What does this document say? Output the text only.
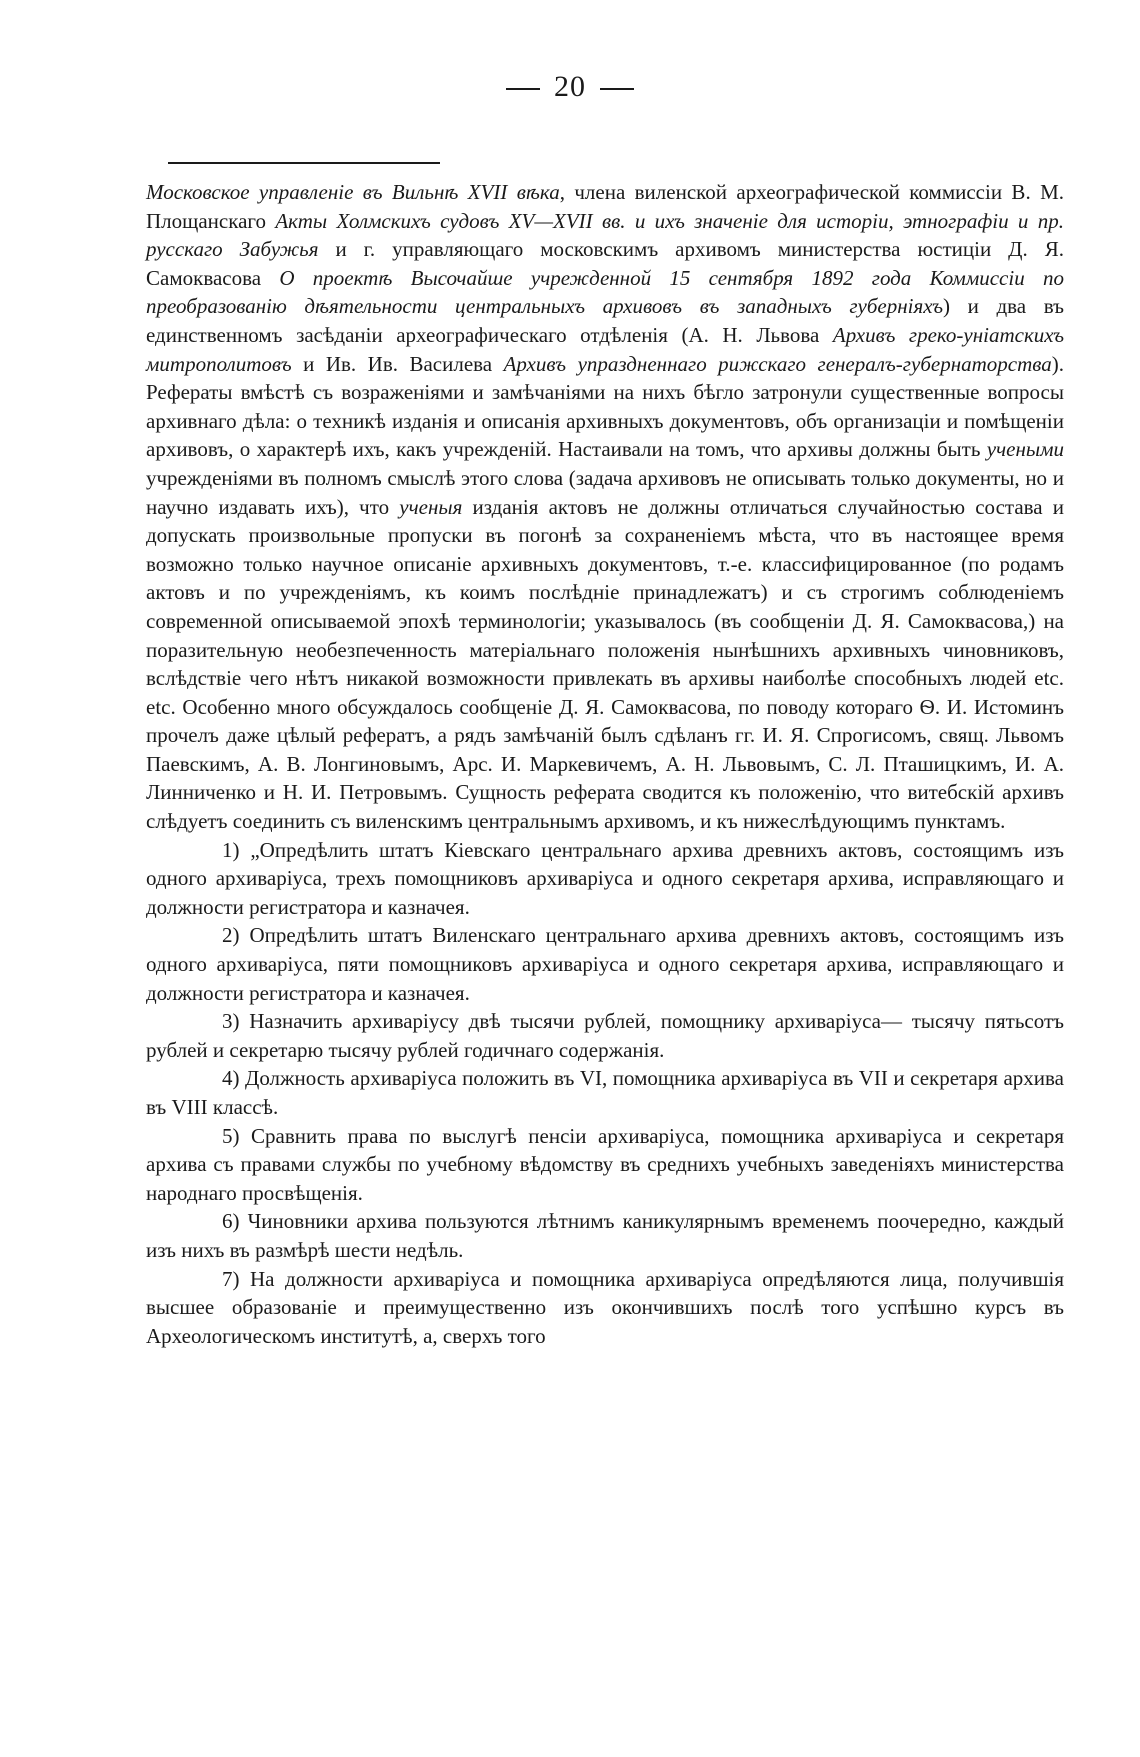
20

Московское управленіе въ Вильнѣ XVII вѣка, члена виленской археографической коммиссіи В. М. Площанскаго Акты Холмскихъ судовъ XV—XVII вв. и ихъ значеніе для исторіи, этнографіи и пр. русскаго Забужья и г. управляющаго московскимъ архивомъ министерства юстиціи Д. Я. Самоквасова О проектѣ Высочайше учрежденной 15 сентября 1892 года Коммиссіи по преобразованію дѣятельности центральныхъ архивовъ въ западныхъ губерніяхъ) и два въ единственномъ засѣданіи археографическаго отдѣленія (А. Н. Львова Архивъ греко-уніатскихъ митрополитовъ и Ив. Ив. Василева Архивъ упраздненнаго рижскаго генералъ-губернаторства). Рефераты вмѣстѣ съ возраженіями и замѣчаніями на нихъ бѣгло затронули существенные вопросы архивнаго дѣла: о техникѣ изданія и описанія архивныхъ документовъ, объ организаціи и помѣщеніи архивовъ, о характерѣ ихъ, какъ учрежденій. Настаивали на томъ, что архивы должны быть учеными учрежденіями въ полномъ смыслѣ этого слова (задача архивовъ не описывать только документы, но и научно издавать ихъ), что ученыя изданія актовъ не должны отличаться случайностью состава и допускать произвольные пропуски въ погонѣ за сохраненіемъ мѣста, что въ настоящее время возможно только научное описаніе архивныхъ документовъ, т.-е. классифицированное (по родамъ актовъ и по учрежденіямъ, къ коимъ послѣдніе принадлежатъ) и съ строгимъ соблюденіемъ современной описываемой эпохѣ терминологіи; указывалось (въ сообщеніи Д. Я. Самоквасова,) на поразительную необезпеченность матеріальнаго положенія нынѣшнихъ архивныхъ чиновниковъ, вслѣдствіе чего нѣтъ никакой возможности привлекать въ архивы наиболѣе способныхъ людей etc. etc. Особенно много обсуждалось сообщеніе Д. Я. Самоквасова, по поводу котораго Ѳ. И. Истоминъ прочелъ даже цѣлый рефератъ, а рядъ замѣчаній былъ сдѣланъ гг. И. Я. Спрогисомъ, свящ. Львомъ Паевскимъ, А. В. Лонгиновымъ, Арс. И. Маркевичемъ, А. Н. Львовымъ, С. Л. Пташицкимъ, И. А. Линниченко и Н. И. Петровымъ. Сущность реферата сводится къ положенію, что витебскій архивъ слѣдуетъ соединить съ виленскимъ центральнымъ архивомъ, и къ нижеслѣдующимъ пунктамъ.

1) „Опредѣлить штатъ Кіевскаго центральнаго архива древнихъ актовъ, состоящимъ изъ одного архиваріуса, трехъ помощниковъ архиваріуса и одного секретаря архива, исправляющаго и должности регистратора и казначея.

2) Опредѣлить штатъ Виленскаго центральнаго архива древнихъ актовъ, состоящимъ изъ одного архиваріуса, пяти помощниковъ архиваріуса и одного секретаря архива, исправляющаго и должности регистратора и казначея.

3) Назначить архиваріусу двѣ тысячи рублей, помощнику архиваріуса— тысячу пятьсотъ рублей и секретарю тысячу рублей годичнаго содержанія.

4) Должность архиваріуса положить въ VI, помощника архиваріуса въ VII и секретаря архива въ VIII классѣ.

5) Сравнить права по выслугѣ пенсіи архиваріуса, помощника архиваріуса и секретаря архива съ правами службы по учебному вѣдомству въ среднихъ учебныхъ заведеніяхъ министерства народнаго просвѣщенія.

6) Чиновники архива пользуются лѣтнимъ каникулярнымъ временемъ поочередно, каждый изъ нихъ въ размѣрѣ шести недѣль.

7) На должности архиваріуса и помощника архиваріуса опредѣляются лица, получившія высшее образованіе и преимущественно изъ окончившихъ послѣ того успѣшно курсъ въ Археологическомъ институтѣ, а, сверхъ того
